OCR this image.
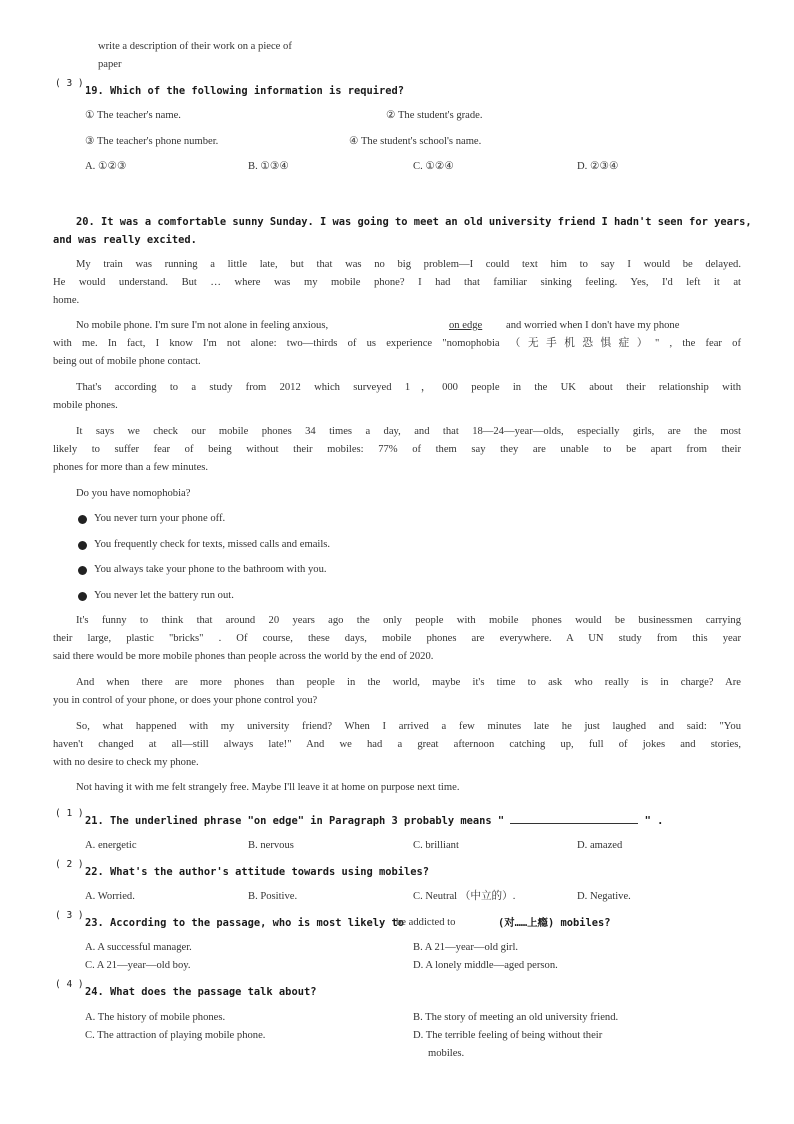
write a description of their work on a piece of
paper
( 3 )
19. Which of the following information is required?
① The teacher's name.	② The student's grade.
③ The teacher's phone number.	④ The student's school's name.
A. ①②③	B. ①③④	C. ①②④	D. ②③④
20. It was a comfortable sunny Sunday. I was going to meet an old university friend I hadn't seen for years,
and was really excited.
My train was running a little late, but that was no big problem—I could text him to say I would be delayed.
He would understand. But … where was my mobile phone? I had that familiar sinking feeling. Yes, I'd left it at
home.
No mobile phone. I'm sure I'm not alone in feeling anxious,	on edge and worried when I don't have my phone
with me. In fact, I know I'm not alone: two—thirds of us experience "nomophobia （无手机恐惧症）" , the fear of
being out of mobile phone contact.
That's according to a study from 2012 which surveyed 1，000 people in the UK about their relationship with
mobile phones.
It says we check our mobile phones 34 times a day, and that 18—24—year—olds, especially girls, are the most
likely to suffer fear of being without their mobiles: 77% of them say they are unable to be apart from their
phones for more than a few minutes.
Do you have nomophobia?
You never turn your phone off.
You frequently check for texts, missed calls and emails.
You always take your phone to the bathroom with you.
You never let the battery run out.
It's funny to think that around 20 years ago the only people with mobile phones would be businessmen carrying
their large, plastic "bricks" . Of course, these days, mobile phones are everywhere. A UN study from this year
said there would be more mobile phones than people across the world by the end of 2020.
And when there are more phones than people in the world, maybe it's time to ask who really is in charge? Are
you in control of your phone, or does your phone control you?
So, what happened with my university friend? When I arrived a few minutes late he just laughed and said: "You
haven't changed at all—still always late!" And we had a great afternoon catching up, full of jokes and stories,
with no desire to check my phone.
Not having it with me felt strangely free. Maybe I'll leave it at home on purpose next time.
( 1 )
21. The underlined phrase "on edge" in Paragraph 3 probably means "	" .
A. energetic	B. nervous	C. brilliant	D. amazed
( 2 )
22. What's the author's attitude towards using mobiles?
A. Worried.	B. Positive.	C. Neutral （中立的）.	D. Negative.
( 3 )
23. According to the passage, who is most likely to
be addicted to	(对……上瘾) mobiles?
A. A successful manager.	B. A 21—year—old girl.
C. A 21—year—old boy.	D. A lonely middle—aged person.
( 4 )
24. What does the passage talk about?
A. The history of mobile phones.	B. The story of meeting an old university friend.
C. The attraction of playing mobile phone.	D. The terrible feeling of being without their
mobiles.
